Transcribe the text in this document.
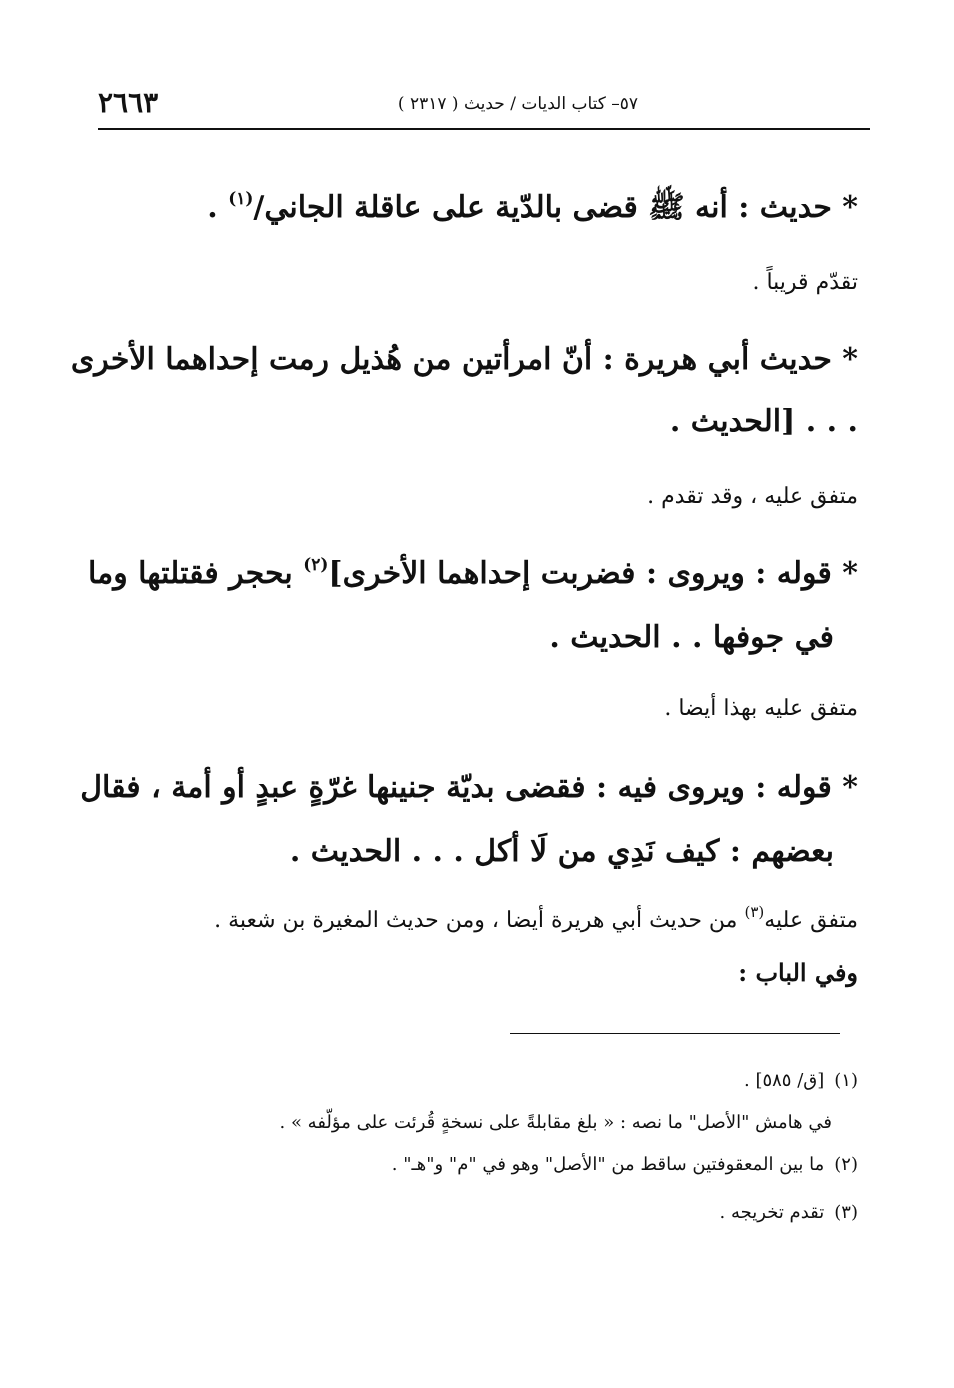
٢٦٦٣	٥٧– كتاب الديات / حديث ( ٢٣١٧ )
* حديث : أنه ﷺ قضى بالدّية على عاقلة الجاني/$^{(١)}$ .
تقدّم قريباً .
* حديث أبي هريرة : أنّ امرأتين من هُذيل رمت إحداهما الأخرى
. . . [الحديث .
متفق عليه ، وقد تقدم .
* قوله : ويروى : فضربت إحداهما الأخرى]$^{(٢)}$ بحجر فقتلتها وما
في جوفها . . الحديث .
متفق عليه بهذا أيضا .
* قوله : ويروى فيه : فقضى بديّة جنينها غرّةٍ عبدٍ أو أمة ، فقال
بعضهم : كيف نَدِي من لَا أكل . . . الحديث .
متفق عليه$^{(٣)}$ من حديث أبي هريرة أيضا ، ومن حديث المغيرة بن شعبة .
وفي الباب :
(١)[ق/ ٥٨٥] .
في هامش "الأصل" ما نصه : « بلغ مقابلةً على نسخةٍ قُرئت على مؤلّفه » .
(٢)ما بين المعقوفتين ساقط من "الأصل" وهو في "م" و"هـ" .
(٣)تقدم تخريجه .
